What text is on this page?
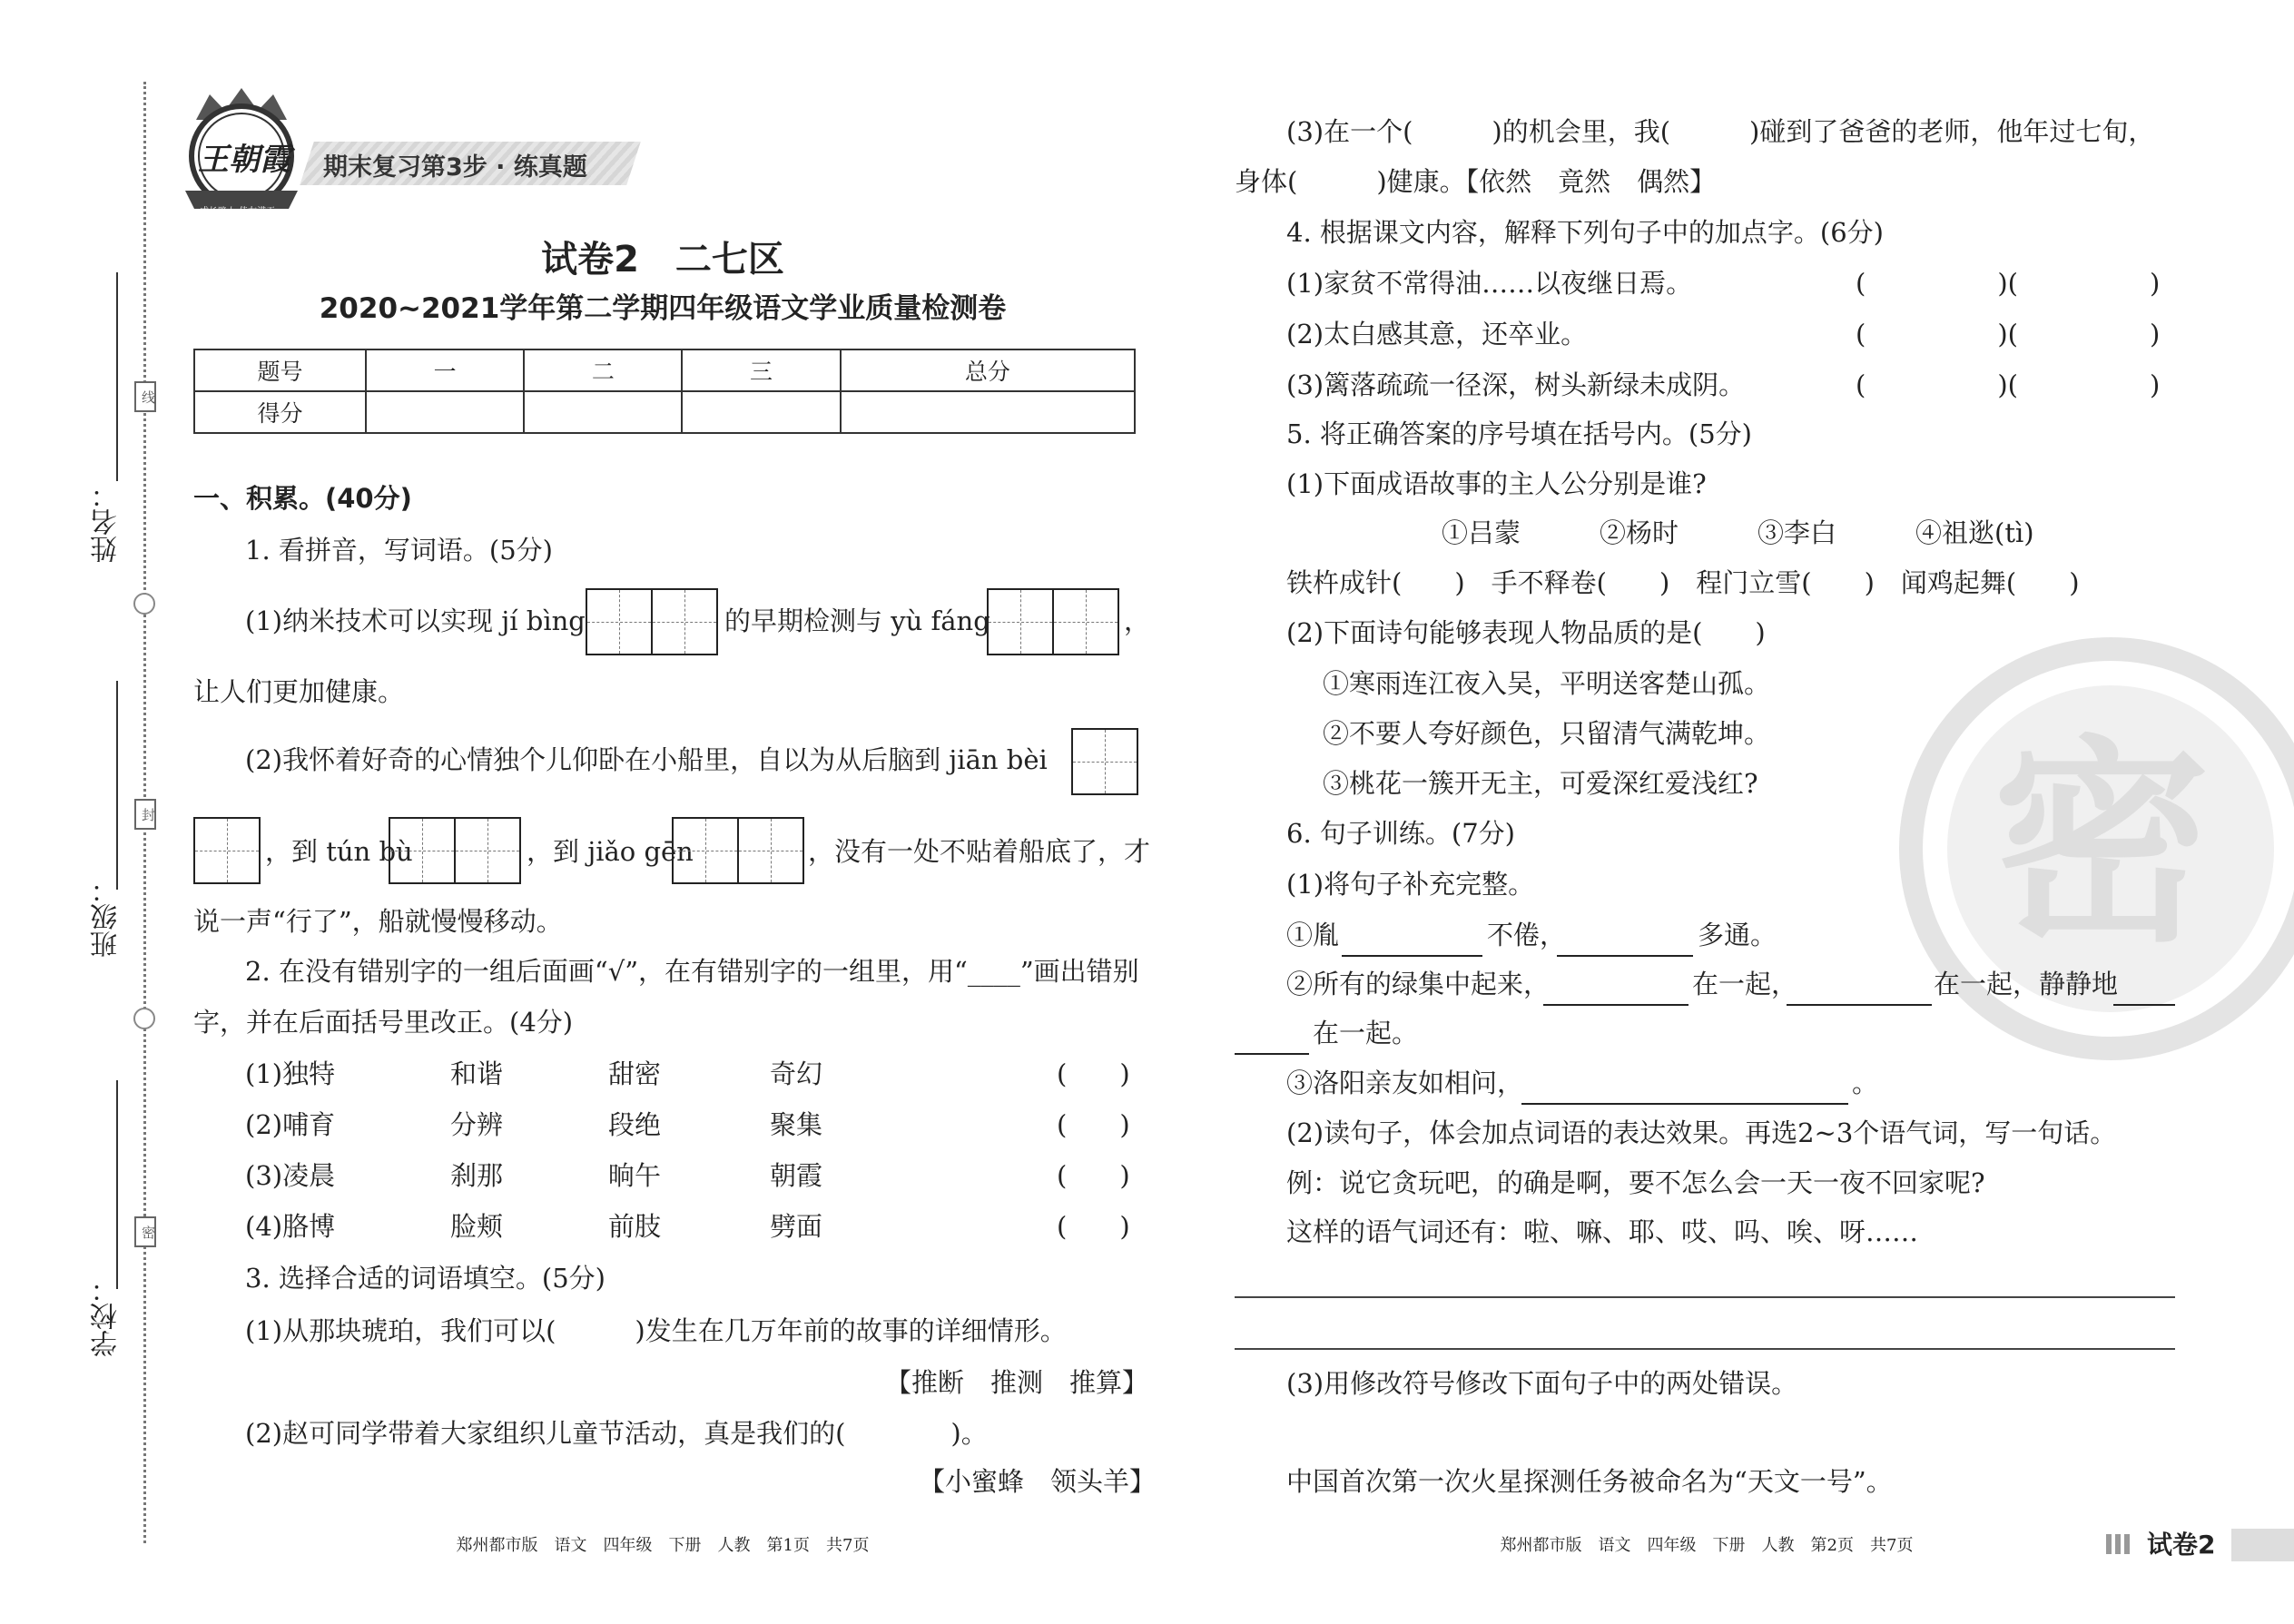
姓名：
班级：
学校：
线
封
密
王朝霞
成长路上 佳友满天
期末复习第3步 · 练真题
试卷2　二七区
2020~2021学年第二学期四年级语文学业质量检测卷
题号	一	二	三	总分
得分				
一、积累。(40分)
1. 看拼音，写词语。(5分)
(1)纳米技术可以实现 jí bìng	的早期检测与 yù fáng	，
让人们更加健康。
(2)我怀着好奇的心情独个儿仰卧在小船里，自以为从后脑到 jiān bèi
，到 tún bù	，到 jiǎo gēn	，没有一处不贴着船底了，才
说一声“行了”，船就慢慢移动。
2. 在没有错别字的一组后面画“√”，在有错别字的一组里，用“____”画出错别
字，并在后面括号里改正。(4分)
(1)独特	和谐	甜密	奇幻	(　　)
(2)哺育	分辨	段绝	聚集	(　　)
(3)凌晨	刹那	晌午	朝霞	(　　)
(4)胳博	脸颊	前肢	劈面	(　　)
3. 选择合适的词语填空。(5分)
(1)从那块琥珀，我们可以(　　　)发生在几万年前的故事的详细情形。
【推断　推测　推算】
(2)赵可同学带着大家组织儿童节活动，真是我们的(　　　　)。
【小蜜蜂　领头羊】
郑州都市版　语文　四年级　下册　人教　第1页　共7页
密
(3)在一个(　　　)的机会里，我(　　　)碰到了爸爸的老师，他年过七旬，
身体(　　　)健康。【依然　竟然　偶然】
4. 根据课文内容，解释下列句子中的加点字。(6分)
(1)家贫不常得油……以夜继日焉。	(　　　　　)(　　　　　)
(2)太白感其意，还卒业。	(　　　　　)(　　　　　)
(3)篱落疏疏一径深，树头新绿未成阴。	(　　　　　)(　　　　　)
5. 将正确答案的序号填在括号内。(5分)
(1)下面成语故事的主人公分别是谁?
①吕蒙　　　②杨时　　　③李白　　　④祖逖(tì)
铁杵成针(　　)　手不释卷(　　)　程门立雪(　　)　闻鸡起舞(　　)
(2)下面诗句能够表现人物品质的是(　　)
①寒雨连江夜入吴，平明送客楚山孤。
②不要人夸好颜色，只留清气满乾坤。
③桃花一簇开无主，可爱深红爱浅红?
6. 句子训练。(7分)
(1)将句子补充完整。
①胤	不倦，	多通。
②所有的绿集中起来，	在一起，	在一起，静静地
在一起。
③洛阳亲友如相问，	。
(2)读句子，体会加点词语的表达效果。再选2~3个语气词，写一句话。
例：说它贪玩吧，的确是啊，要不怎么会一天一夜不回家呢?
这样的语气词还有：啦、嘛、耶、哎、吗、唉、呀……
(3)用修改符号修改下面句子中的两处错误。
中国首次第一次火星探测任务被命名为“天文一号”。
郑州都市版　语文　四年级　下册　人教　第2页　共7页	试卷2
